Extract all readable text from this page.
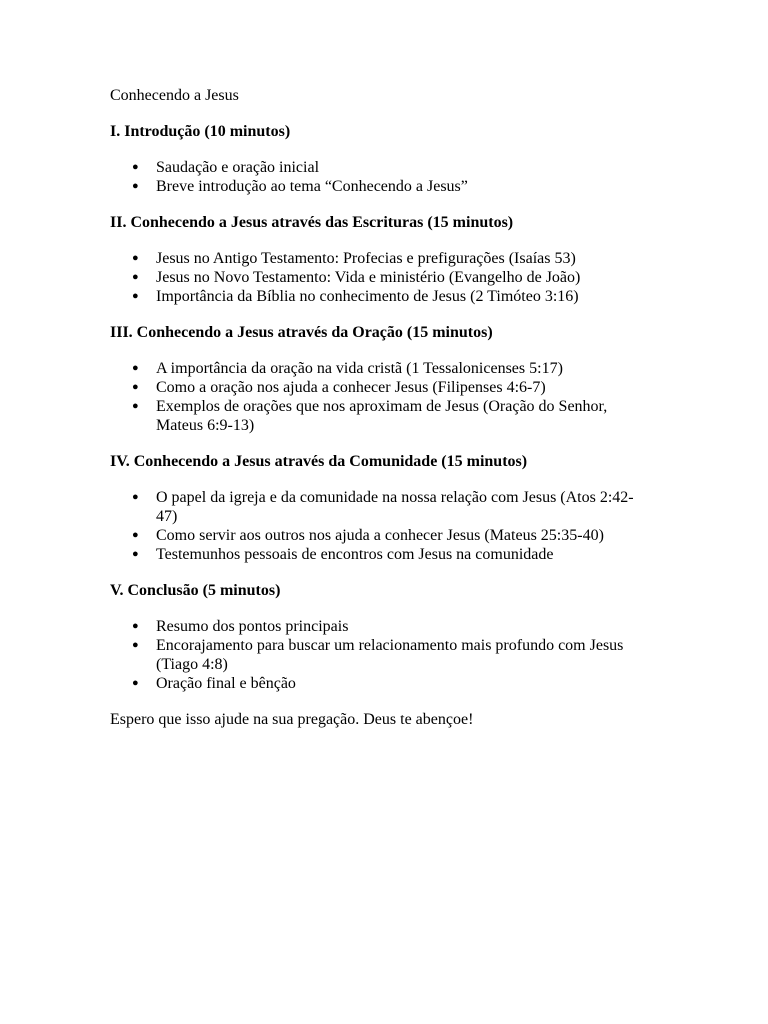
Conhecendo a Jesus

I. Introdução (10 minutos)

● Saudação e oração inicial
● Breve introdução ao tema “Conhecendo a Jesus”

II. Conhecendo a Jesus através das Escrituras (15 minutos)

● Jesus no Antigo Testamento: Profecias e prefigurações (Isaías 53)
● Jesus no Novo Testamento: Vida e ministério (Evangelho de João)
● Importância da Bíblia no conhecimento de Jesus (2 Timóteo 3:16)

III. Conhecendo a Jesus através da Oração (15 minutos)

● A importância da oração na vida cristã (1 Tessalonicenses 5:17)
● Como a oração nos ajuda a conhecer Jesus (Filipenses 4:6-7)
● Exemplos de orações que nos aproximam de Jesus (Oração do Senhor, Mateus 6:9-13)

IV. Conhecendo a Jesus através da Comunidade (15 minutos)

● O papel da igreja e da comunidade na nossa relação com Jesus (Atos 2:42-47)
● Como servir aos outros nos ajuda a conhecer Jesus (Mateus 25:35-40)
● Testemunhos pessoais de encontros com Jesus na comunidade

V. Conclusão (5 minutos)

● Resumo dos pontos principais
● Encorajamento para buscar um relacionamento mais profundo com Jesus (Tiago 4:8)
● Oração final e bênção

Espero que isso ajude na sua pregação. Deus te abençoe!
